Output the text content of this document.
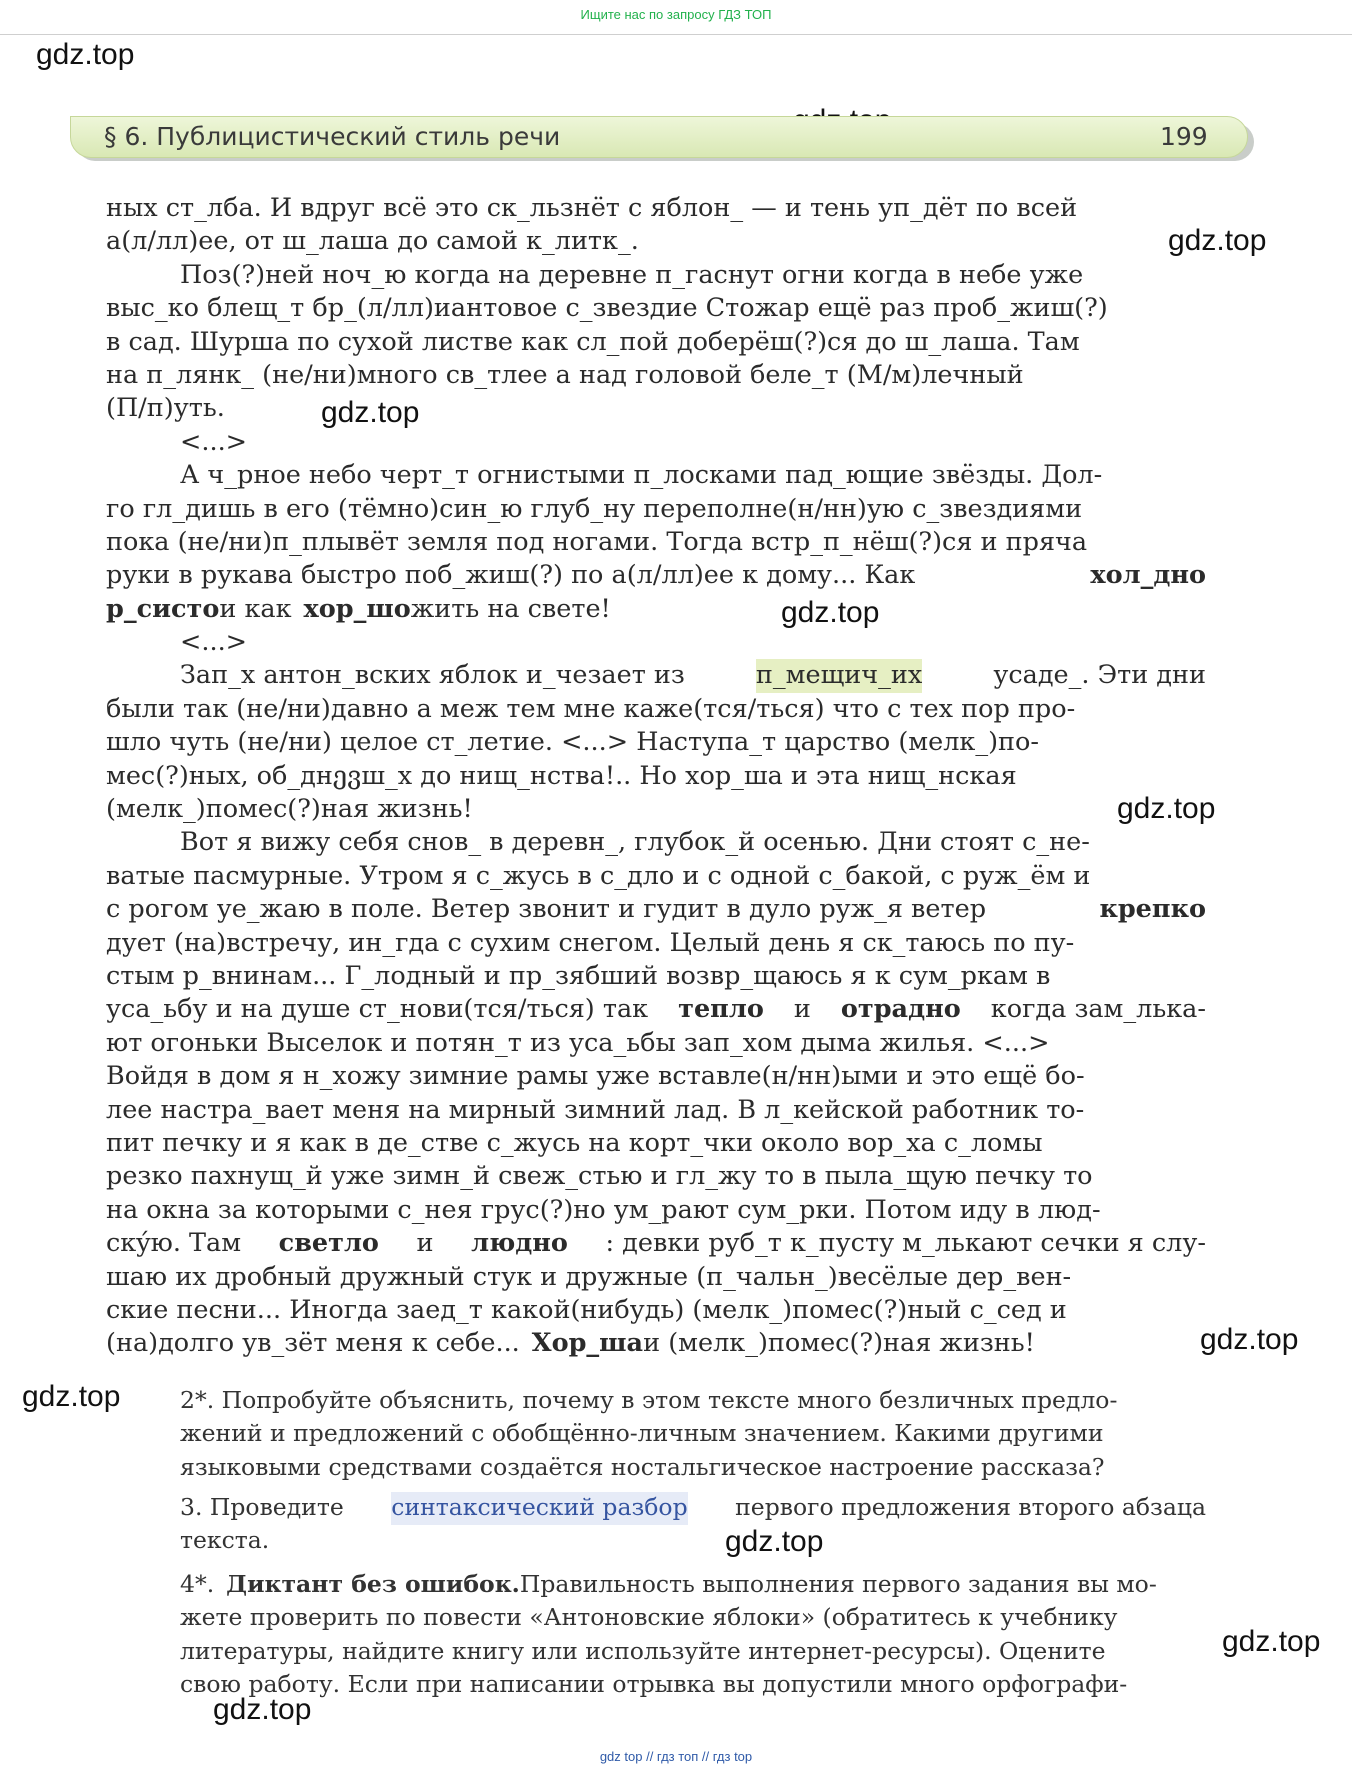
Ищите нас по запросу ГДЗ ТОП
gdz.top
gdz.top
gdz.top
gdz.top
gdz.top
gdz.top
gdz.top
gdz.top
gdz.top
gdz.top
§ 6. Публицистический стиль речи	199
ных ст_лба. И вдруг всё это ск_льзнёт с яблон_ — и тень уп_дёт по всей
а(л/лл)ее, от ш_лаша до самой к_литк_.
Поз(?)ней ноч_ю когда на деревне п_гаснут огни когда в небе уже
выс_ко блещ_т бр_(л/лл)иантовое с_звездие Стожар ещё раз проб_жиш(?)
в сад. Шурша по сухой листве как сл_пой доберёш(?)ся до ш_лаша. Там
на п_лянк_ (не/ни)много св_тлее а над головой беле_т (М/м)лечный
(П/п)уть.
<...>
А ч_рное небо черт_т огнистыми п_лосками пад_ющие звёзды. Дол-
го гл_дишь в его (тёмно)син_ю глуб_ну переполне(н/нн)ую с_звездиями
пока (не/ни)п_плывёт земля под ногами. Тогда встр_п_нёш(?)ся и пряча
руки в рукава быстро поб_жиш(?) по а(л/лл)ее к дому... Как	хол_дно
р_систо и как хор_шо жить на свете!
<...>
Зап_х антон_вских яблок и_чезает из	п_мещич_их	усаде_. Эти дни
были так (не/ни)давно а меж тем мне каже(тся/ться) что с тех пор про-
шло чуть (не/ни) целое ст_летие. <...> Наступа_т царство (мелк_)по-
мес(?)ных, об_днევш_х до нищ_нства!.. Но хор_ша и эта нищ_нская
(мелк_)помес(?)ная жизнь!
Вот я вижу себя снов_ в деревн_, глубок_й осенью. Дни стоят с_не-
ватые пасмурные. Утром я с_жусь в с_дло и с одной с_бакой, с руж_ём и
с рогом уе_жаю в поле. Ветер звонит и гудит в дуло руж_я ветер	крепко
дует (на)встречу, ин_гда с сухим снегом. Целый день я ск_таюсь по пу-
стым р_внинам... Г_лодный и пр_зябший возвр_щаюсь я к сум_ркам в
уса_ьбу и на душе ст_нови(тся/ться) так тепло и отрадно когда зам_лька-
ют огоньки Выселок и потян_т из уса_ьбы зап_хом дыма жилья. <...>
Войдя в дом я н_хожу зимние рамы уже вставле(н/нн)ыми и это ещё бо-
лее настра_вает меня на мирный зимний лад. В л_кейской работник то-
пит печку и я как в де_стве с_жусь на корт_чки около вор_ха с_ломы
резко пахнущ_й уже зимн_й свеж_стью и гл_жу то в пыла_щую печку то
на окна за которыми с_нея грус(?)но ум_рают сум_рки. Потом иду в люд-
скýю. Там светло и людно : девки руб_т к_пусту м_лькают сечки я слу-
шаю их дробный дружный стук и дружные (п_чальн_)весёлые дер_вен-
ские песни... Иногда заед_т какой(нибудь) (мелк_)помес(?)ный с_сед и
(на)долго ув_зёт меня к себе... Хор_ша и (мелк_)помес(?)ная жизнь!
2*. Попробуйте объяснить, почему в этом тексте много безличных предло-
жений и предложений с обобщённо-личным значением. Какими другими
языковыми средствами создаётся ностальгическое настроение рассказа?
3. Проведите синтаксический разбор первого предложения второго абзаца
текста.
4*. Диктант без ошибок. Правильность выполнения первого задания вы мо-
жете проверить по повести «Антоновские яблоки» (обратитесь к учебнику
литературы, найдите книгу или используйте интернет-ресурсы). Оцените
свою работу. Если при написании отрывка вы допустили много орфографи-
gdz top // гдз топ // гдз top
